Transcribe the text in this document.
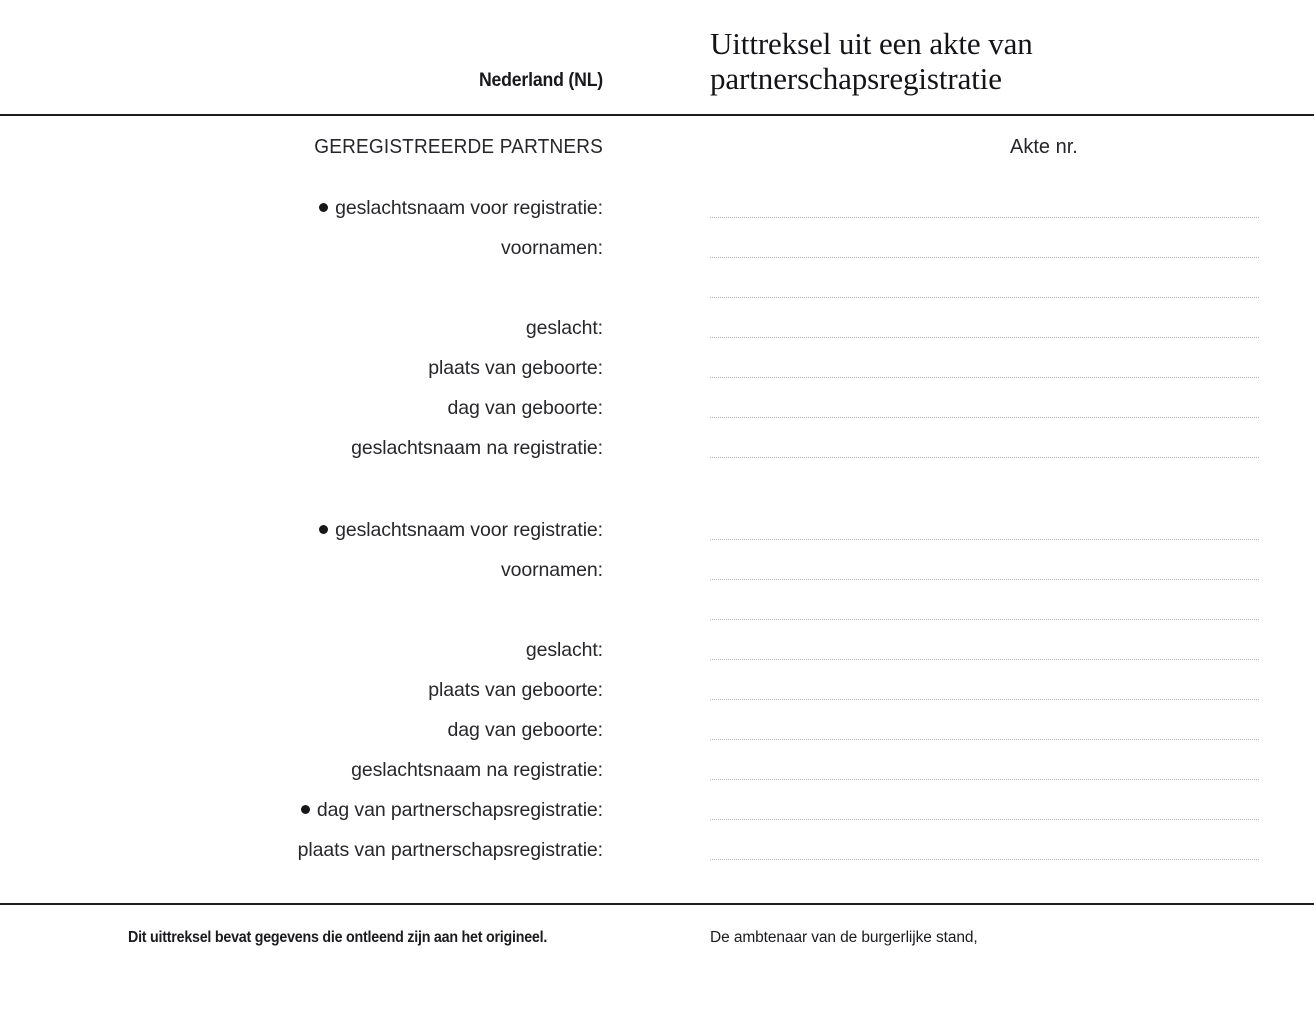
Nederland (NL)
Uittreksel uit een akte van partnerschapsregistratie
GEREGISTREERDE PARTNERS	Akte nr.
geslachtsnaam voor registratie:
voornamen:
geslacht:
plaats van geboorte:
dag van geboorte:
geslachtsnaam na registratie:
geslachtsnaam voor registratie:
voornamen:
geslacht:
plaats van geboorte:
dag van geboorte:
geslachtsnaam na registratie:
dag van partnerschapsregistratie:
plaats van partnerschapsregistratie:
Dit uittreksel bevat gegevens die ontleend zijn aan het origineel.	De ambtenaar van de burgerlijke stand,
